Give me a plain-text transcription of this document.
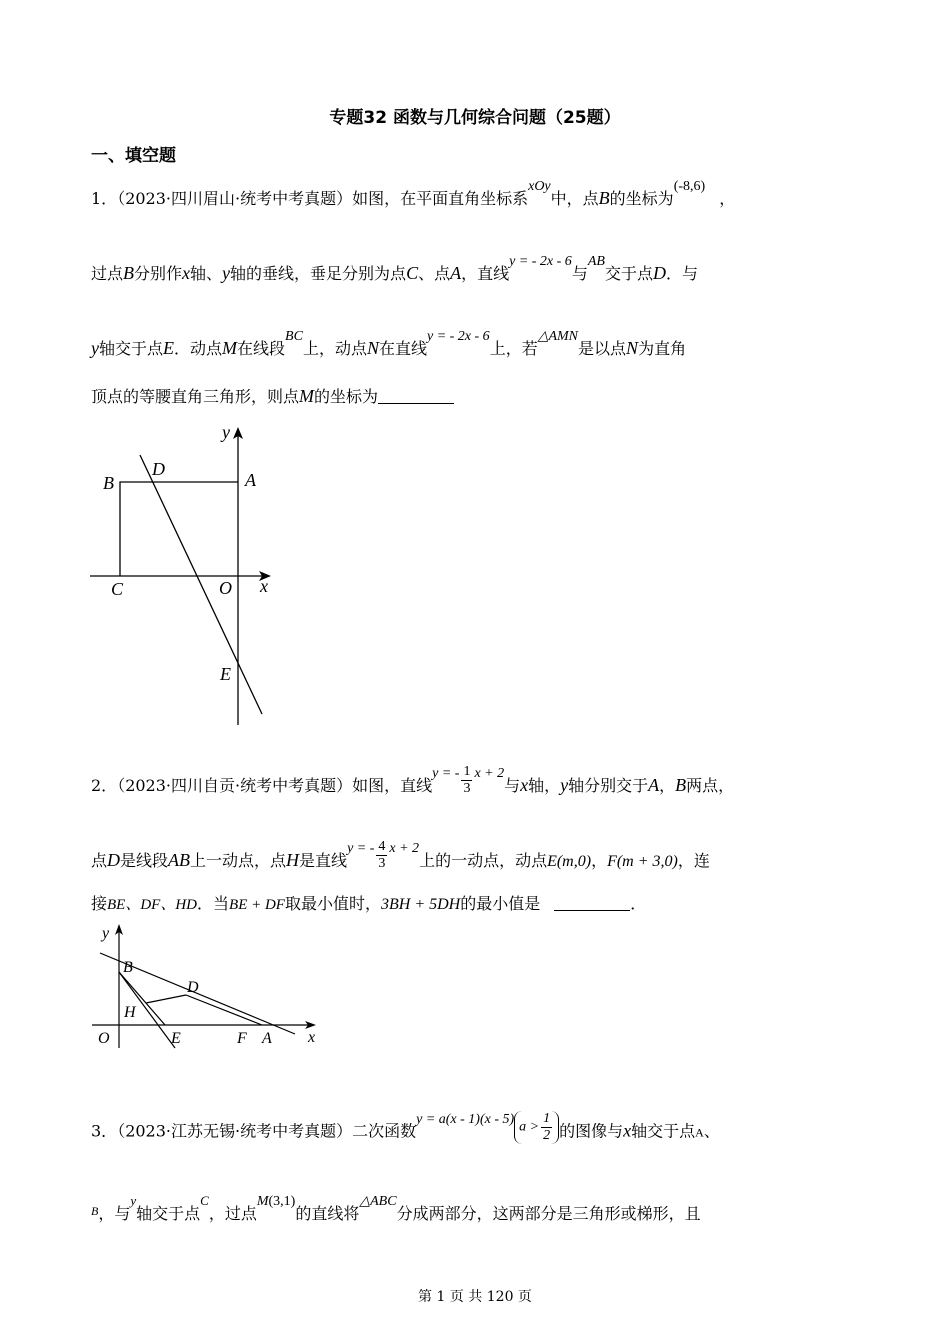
专题32 函数与几何综合问题（25题）
一、填空题
1．（2023·四川眉山·统考中考真题）如图，在平面直角坐标系xOy中，点B的坐标为(-8,6)，
过点B分别作x轴、y轴的垂线，垂足分别为点C、点A，直线y = - 2x - 6与AB交于点D．与
y轴交于点E．动点M在线段BC上，动点N在直线y = - 2x - 6上，若△AMN是以点N为直角
顶点的等腰直角三角形，则点M的坐标为
y
D
B	A
C	O x
E
2．（2023·四川自贡·统考中考真题）如图，直线y = - $\frac{1}{3}$ x + 2与x轴，y轴分别交于A，B两点，
点D是线段AB上一动点，点H是直线y = - $\frac{4}{3}$ x + 2上的一动点，动点E(m,0)，F(m + 3,0)，连
接BE、DF、HD．当BE + DF取最小值时，3BH + 5DH的最小值是	．
y
B
D
H
O	E	F A x
3．（2023·江苏无锡·统考中考真题）二次函数$y = a(x - 1)(x - 5)a > \frac{1}{2}$ 的图像与x轴交于点A、
$^B$，与$^y$轴交于点$^C$，过点M(3,1)的直线将△ABC分成两部分，这两部分是三角形或梯形，且
第 1 页 共 120 页
